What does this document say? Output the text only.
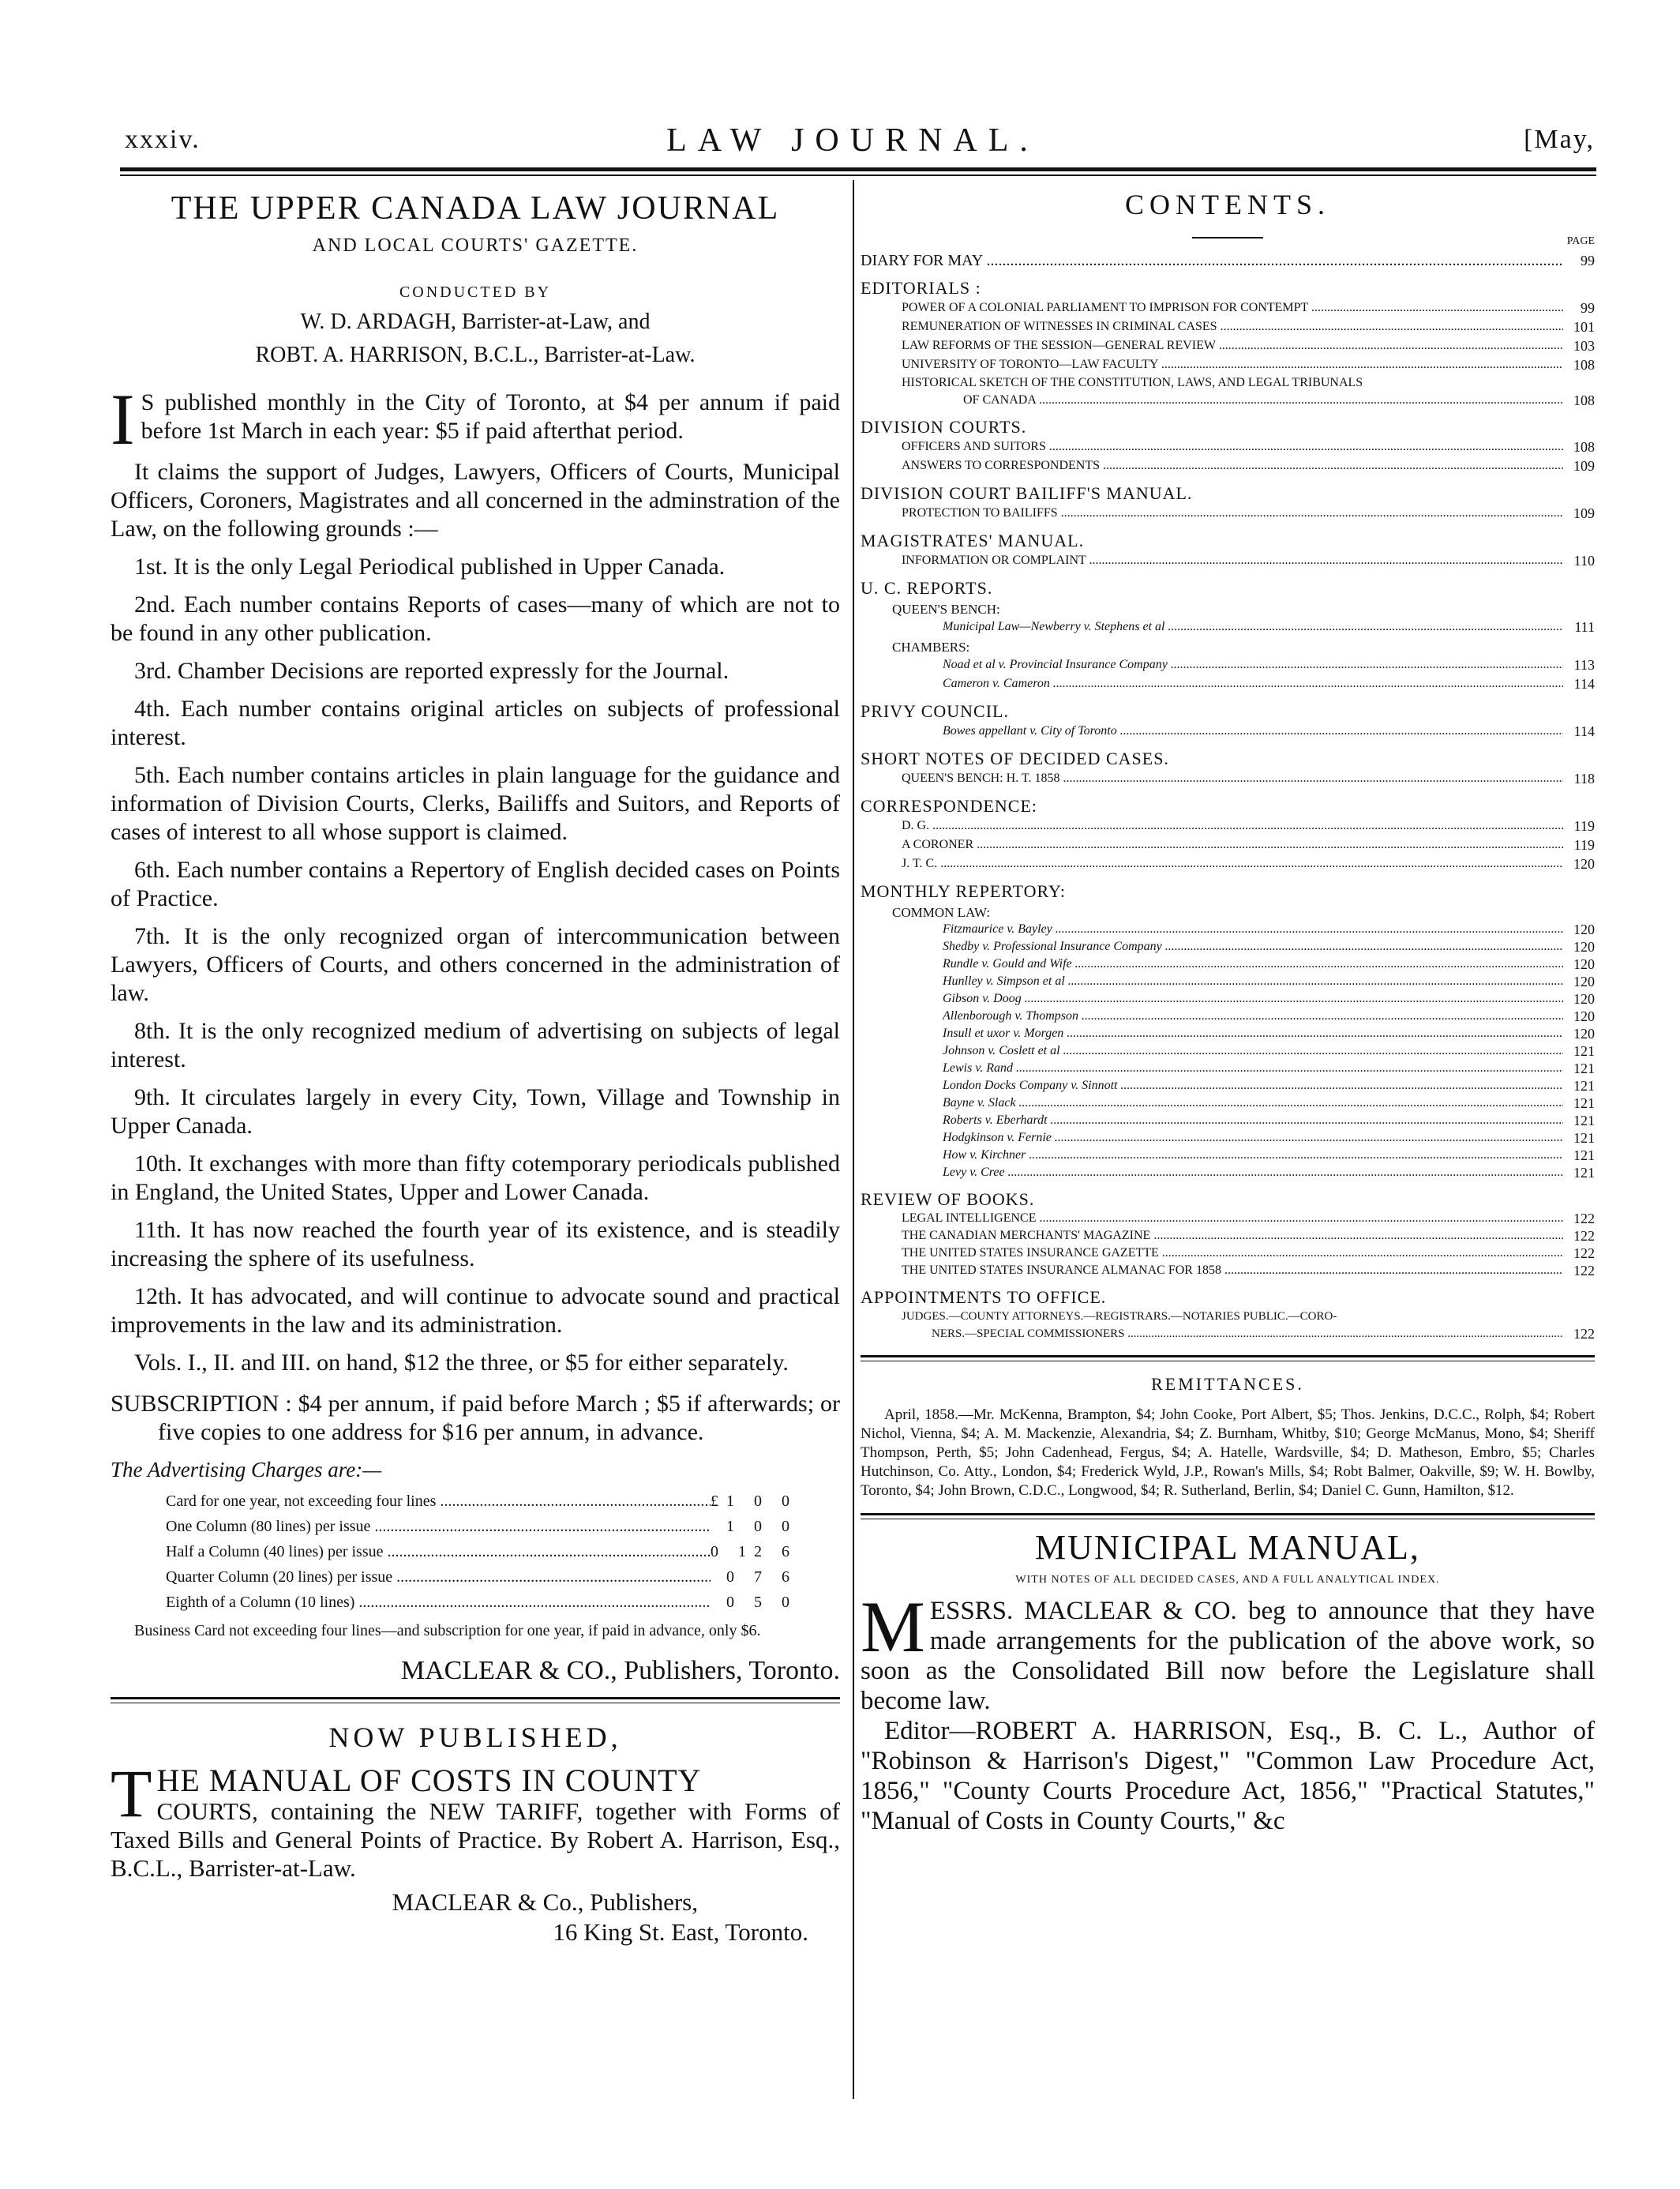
xxxiv.	LAW JOURNAL.	[May,
THE UPPER CANADA LAW JOURNAL
AND LOCAL COURTS' GAZETTE.
CONDUCTED BY
W. D. ARDAGH, Barrister-at-Law, and
ROBT. A. HARRISON, B.C.L., Barrister-at-Law.
I S published monthly in the City of Toronto, at $4 per annum if paid before 1st March in each year: $5 if paid afterthat period.
It claims the support of Judges, Lawyers, Officers of Courts, Municipal Officers, Coroners, Magistrates and all concerned in the adminstration of the Law, on the following grounds :—
1st. It is the only Legal Periodical published in Upper Canada.
2nd. Each number contains Reports of cases—many of which are not to be found in any other publication.
3rd. Chamber Decisions are reported expressly for the Journal.
4th. Each number contains original articles on subjects of professional interest.
5th. Each number contains articles in plain language for the guidance and information of Division Courts, Clerks, Bailiffs and Suitors, and Reports of cases of interest to all whose support is claimed.
6th. Each number contains a Repertory of English decided cases on Points of Practice.
7th. It is the only recognized organ of intercommunication between Lawyers, Officers of Courts, and others concerned in the administration of law.
8th. It is the only recognized medium of advertising on subjects of legal interest.
9th. It circulates largely in every City, Town, Village and Township in Upper Canada.
10th. It exchanges with more than fifty cotemporary periodicals published in England, the United States, Upper and Lower Canada.
11th. It has now reached the fourth year of its existence, and is steadily increasing the sphere of its usefulness.
12th. It has advocated, and will continue to advocate sound and practical improvements in the law and its administration.
Vols. I., II. and III. on hand, $12 the three, or $5 for either separately.
SUBSCRIPTION : $4 per annum, if paid before March ; $5 if afterwards; or five copies to one address for $16 per annum, in advance.
The Advertising Charges are:—
Card for one year, not exceeding four lines .....	£1 0 0
One Column (80 lines) per issue .....	1 0 0
Half a Column (40 lines) per issue .....	0 12 6
Quarter Column (20 lines) per issue .....	0 7 6
Eighth of a Column (10 lines) .....	0 5 0
Business Card not exceeding four lines—and subscription for one year, if paid in advance, only $6.
MACLEAR & CO., Publishers, Toronto.
NOW PUBLISHED,
THE MANUAL OF COSTS IN COUNTY
COURTS, containing the NEW TARIFF, together with Forms of Taxed Bills and General Points of Practice. By Robert A. Harrison, Esq., B.C.L., Barrister-at-Law.
MACLEAR & Co., Publishers,
16 King St. East, Toronto.
CONTENTS.
PAGE
DIARY FOR MAY .....	99
EDITORIALS :
POWER OF A COLONIAL PARLIAMENT TO IMPRISON FOR CONTEMPT .....	99
REMUNERATION OF WITNESSES IN CRIMINAL CASES .....	101
LAW REFORMS OF THE SESSION—GENERAL REVIEW .....	103
UNIVERSITY OF TORONTO—LAW FACULTY .....	108
HISTORICAL SKETCH OF THE CONSTITUTION, LAWS, AND LEGAL TRIBUNALS
OF CANADA .....	108
DIVISION COURTS.
OFFICERS AND SUITORS .....	108
ANSWERS TO CORRESPONDENTS .....	109
DIVISION COURT BAILIFF'S MANUAL.
PROTECTION TO BAILIFFS .....	109
MAGISTRATES' MANUAL.
INFORMATION OR COMPLAINT .....	110
U. C. REPORTS.
QUEEN'S BENCH:
Municipal Law—Newberry v. Stephens et al .....	111
CHAMBERS:
Noad et al v. Provincial Insurance Company .....	113
Cameron v. Cameron .....	114
PRIVY COUNCIL.
Bowes appellant v. City of Toronto .....	114
SHORT NOTES OF DECIDED CASES.
QUEEN'S BENCH: H. T. 1858 .....	118
CORRESPONDENCE:
D. G. .....	119
A CORONER .....	119
J. T. C. .....	120
MONTHLY REPERTORY:
COMMON LAW:
Fitzmaurice v. Bayley .....	120
Shedby v. Professional Insurance Company .....	120
Rundle v. Gould and Wife .....	120
Hunlley v. Simpson et al .....	120
Gibson v. Doog .....	120
Allenborough v. Thompson .....	120
Insull et uxor v. Morgen .....	120
Johnson v. Coslett et al .....	121
Lewis v. Rand .....	121
London Docks Company v. Sinnott .....	121
Bayne v. Slack .....	121
Roberts v. Eberhardt .....	121
Hodgkinson v. Fernie .....	121
How v. Kirchner .....	121
Levy v. Cree .....	121
REVIEW OF BOOKS.
LEGAL INTELLIGENCE .....	122
THE CANADIAN MERCHANTS' MAGAZINE .....	122
THE UNITED STATES INSURANCE GAZETTE .....	122
THE UNITED STATES INSURANCE ALMANAC FOR 1858 .....	122
APPOINTMENTS TO OFFICE.
JUDGES.—COUNTY ATTORNEYS.—REGISTRARS.—NOTARIES PUBLIC.—CORO-
NERS.—SPECIAL COMMISSIONERS .....	122
REMITTANCES.
April, 1858.—Mr. McKenna, Brampton, $4; John Cooke, Port Albert, $5; Thos. Jenkins, D.C.C., Rolph, $4; Robert Nichol, Vienna, $4; A. M. Mackenzie, Alexandria, $4; Z. Burnham, Whitby, $10; George McManus, Mono, $4; Sheriff Thompson, Perth, $5; John Cadenhead, Fergus, $4; A. Hatelle, Wardsville, $4; D. Matheson, Embro, $5; Charles Hutchinson, Co. Atty., London, $4; Frederick Wyld, J.P., Rowan's Mills, $4; Robt Balmer, Oakville, $9; W. H. Bowlby, Toronto, $4; John Brown, C.D.C., Longwood, $4; R. Sutherland, Berlin, $4; Daniel C. Gunn, Hamilton, $12.
MUNICIPAL MANUAL,
WITH NOTES OF ALL DECIDED CASES, AND A FULL ANALYTICAL INDEX.
MESSRS. MACLEAR & CO. beg to announce that they have made arrangements for the publication of the above work, so soon as the Consolidated Bill now before the Legislature shall become law.
Editor—ROBERT A. HARRISON, Esq., B. C. L., Author of "Robinson & Harrison's Digest," "Common Law Procedure Act, 1856," "County Courts Procedure Act, 1856," "Practical Statutes," "Manual of Costs in County Courts," &c
